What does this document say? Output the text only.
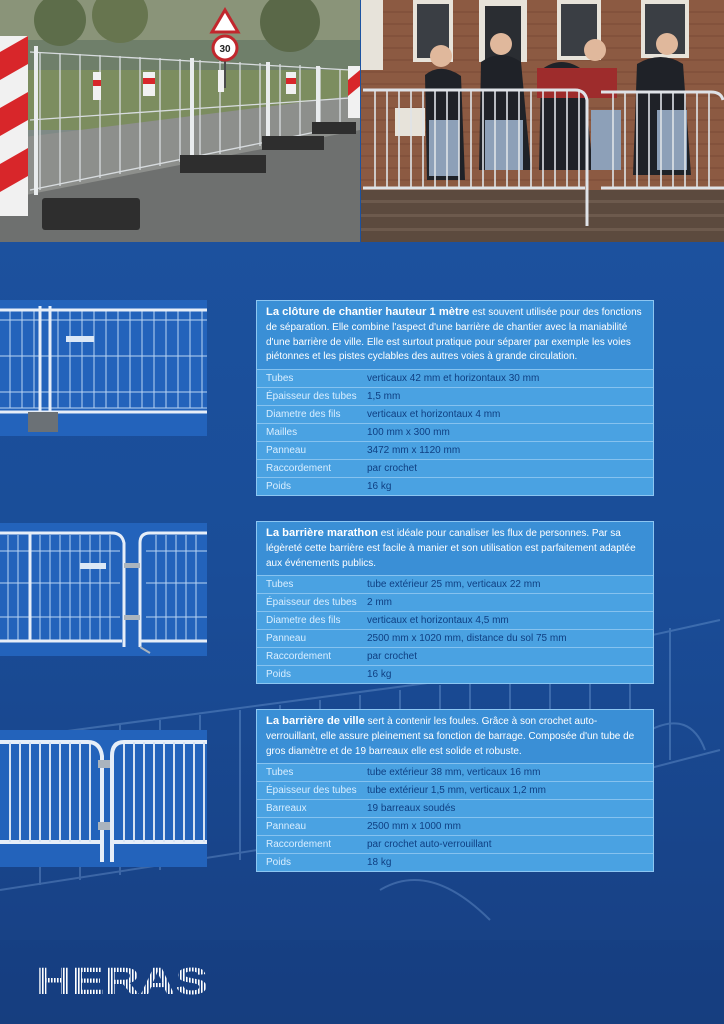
30
La clôture de chantier hauteur 1 mètre est souvent utilisée pour des fonctions de séparation. Elle combine l'aspect d'une barrière de chantier avec la maniabilité d'une barrière de ville. Elle est surtout pratique pour séparer par exemple les voies piétonnes et les pistes cyclables des autres voies à grande circulation.
Tubes	verticaux 42 mm et horizontaux 30 mm
Épaisseur des tubes	1,5 mm
Diametre des fils	verticaux et horizontaux 4 mm
Mailles	100 mm x 300 mm
Panneau	3472 mm x 1120 mm
Raccordement	par crochet
Poids	16 kg
La barrière marathon est idéale pour canaliser les flux de personnes. Par sa légèreté cette barrière est facile à manier et son utilisation est parfaitement adaptée aux événements publics.
Tubes	tube extérieur 25 mm, verticaux 22 mm
Épaisseur des tubes	2 mm
Diametre des fils	verticaux et horizontaux 4,5 mm
Panneau	2500 mm x 1020 mm, distance du sol 75 mm
Raccordement	par crochet
Poids	16 kg
La barrière de ville sert à contenir les foules. Grâce à son crochet auto-verrouillant, elle assure pleinement sa fonction de barrage. Composée d'un tube de gros diamètre et de 19 barreaux elle est solide et robuste.
Tubes	tube extérieur 38 mm, verticaux 16 mm
Épaisseur des tubes	tube extérieur 1,5 mm, verticaux 1,2 mm
Barreaux	19 barreaux soudés
Panneau	2500 mm x 1000 mm
Raccordement	par crochet auto-verrouillant
Poids	18 kg
HERAS
